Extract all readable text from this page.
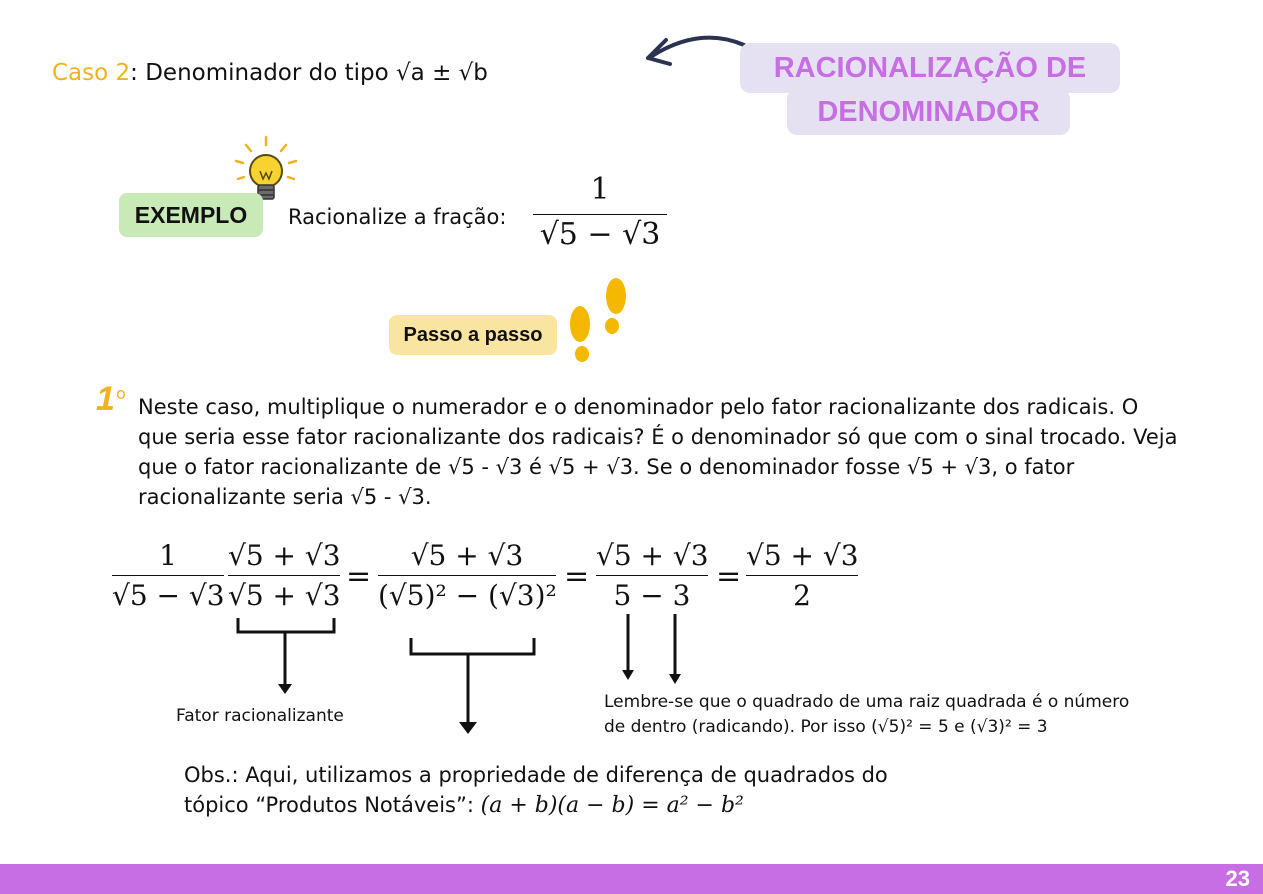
Caso 2: Denominador do tipo √a ± √b	RACIONALIZAÇÃO DE
DENOMINADOR
EXEMPLO	Racionalize a fração:
1
√5 − √3
Passo a passo
1 o
Neste caso, multiplique o numerador e o denominador pelo fator racionalizante dos radicais. O que seria esse fator racionalizante dos radicais? É o denominador só que com o sinal trocado. Veja que o fator racionalizante de √5 - √3 é √5 + √3. Se o denominador fosse √5 + √3, o fator racionalizante seria √5 - √3.
1
√5 − √3
√5 + √3
√5 + √3
=
√5 + √3
(√5)² − (√3)²
=
√5 + √3
5 − 3
=
√5 + √3
2
Fator racionalizante
Lembre-se que o quadrado de uma raiz quadrada é o número
de dentro (radicando). Por isso (√5)² = 5 e (√3)² = 3
Obs.: Aqui, utilizamos a propriedade de diferença de quadrados do
tópico “Produtos Notáveis”: (a + b)(a − b) = a² − b²
23
